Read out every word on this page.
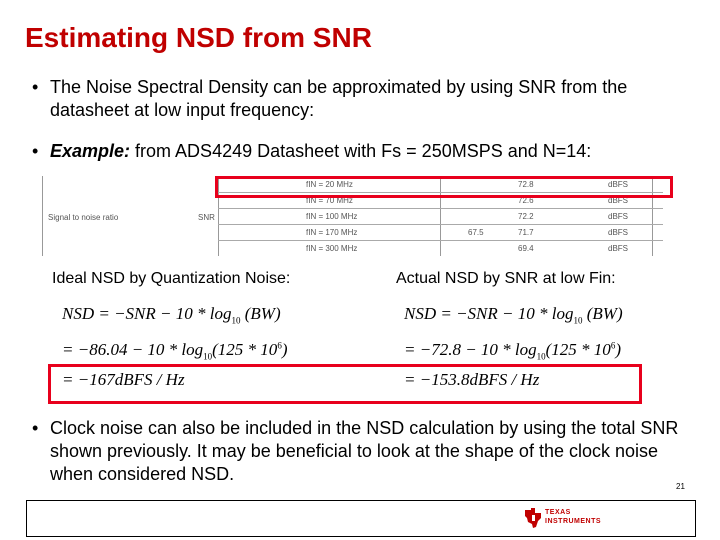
Estimating NSD from SNR
• The Noise Spectral Density can be approximated by using SNR from the datasheet at low input frequency:
• Example: from ADS4249 Datasheet with Fs = 250MSPS and N=14:
Signal to noise ratio	SNR
fIN = 20 MHz	72.8	dBFS
fIN = 70 MHz	72.6	dBFS
fIN = 100 MHz	72.2	dBFS
fIN = 170 MHz	67.5	71.7	dBFS
fIN = 300 MHz	69.4	dBFS
Ideal NSD by Quantization Noise:	Actual NSD by SNR at low Fin:
NSD = $-SNR - 10 * \log_{10} (BW)$
= $-86.04 - 10 * \log_{10}(125 * 10^6)$
= −167dBFS / Hz
NSD = $-SNR - 10 * \log_{10} (BW)$
= $-72.8 - 10 * \log_{10}(125 * 10^6)$
= −153.8dBFS / Hz
• Clock noise can also be included in the NSD calculation by using the total SNR shown previously. It may be beneficial to look at the shape of the clock noise when considered NSD.
21
TEXAS
INSTRUMENTS
